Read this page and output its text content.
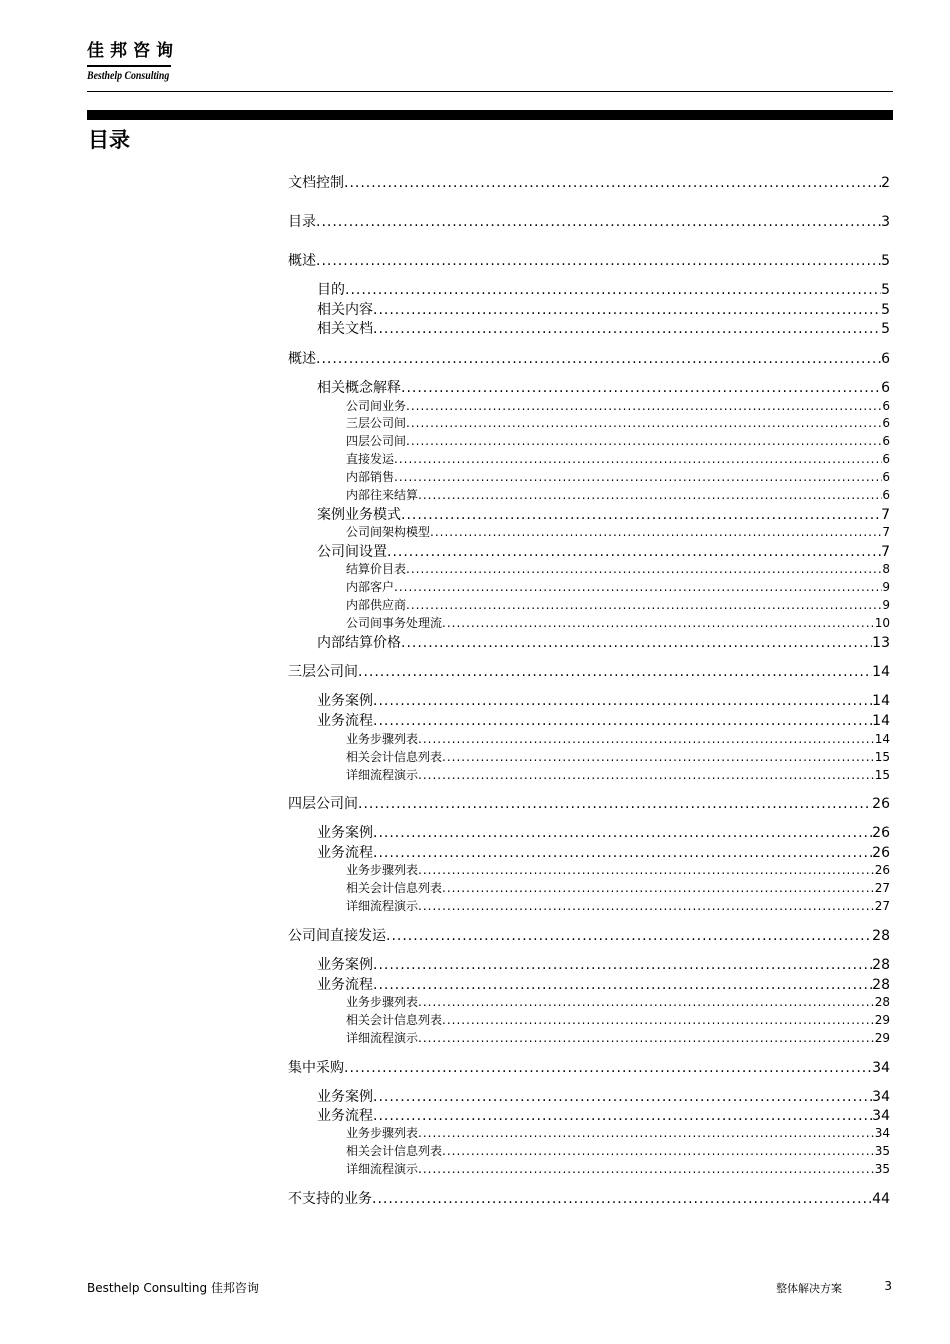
佳邦咨询
Besthelp Consulting
目录
文档控制 .....	2
目录 .....	3
概述 .....	5
目的 .....	5
相关内容 .....	5
相关文档 .....	5
概述 .....	6
相关概念解释 .....	6
公司间业务 .....	6
三层公司间 .....	6
四层公司间 .....	6
直接发运 .....	6
内部销售 .....	6
内部往来结算 .....	6
案例业务模式 .....	7
公司间架构模型 .....	7
公司间设置 .....	7
结算价目表 .....	8
内部客户 .....	9
内部供应商 .....	9
公司间事务处理流 .....	10
内部结算价格 .....	13
三层公司间 .....	14
业务案例 .....	14
业务流程 .....	14
业务步骤列表 .....	14
相关会计信息列表 .....	15
详细流程演示 .....	15
四层公司间 .....	26
业务案例 .....	26
业务流程 .....	26
业务步骤列表 .....	26
相关会计信息列表 .....	27
详细流程演示 .....	27
公司间直接发运 .....	28
业务案例 .....	28
业务流程 .....	28
业务步骤列表 .....	28
相关会计信息列表 .....	29
详细流程演示 .....	29
集中采购 .....	34
业务案例 .....	34
业务流程 .....	34
业务步骤列表 .....	34
相关会计信息列表 .....	35
详细流程演示 .....	35
不支持的业务 .....	44
Besthelp Consulting 佳邦咨询	整体解决方案	3
